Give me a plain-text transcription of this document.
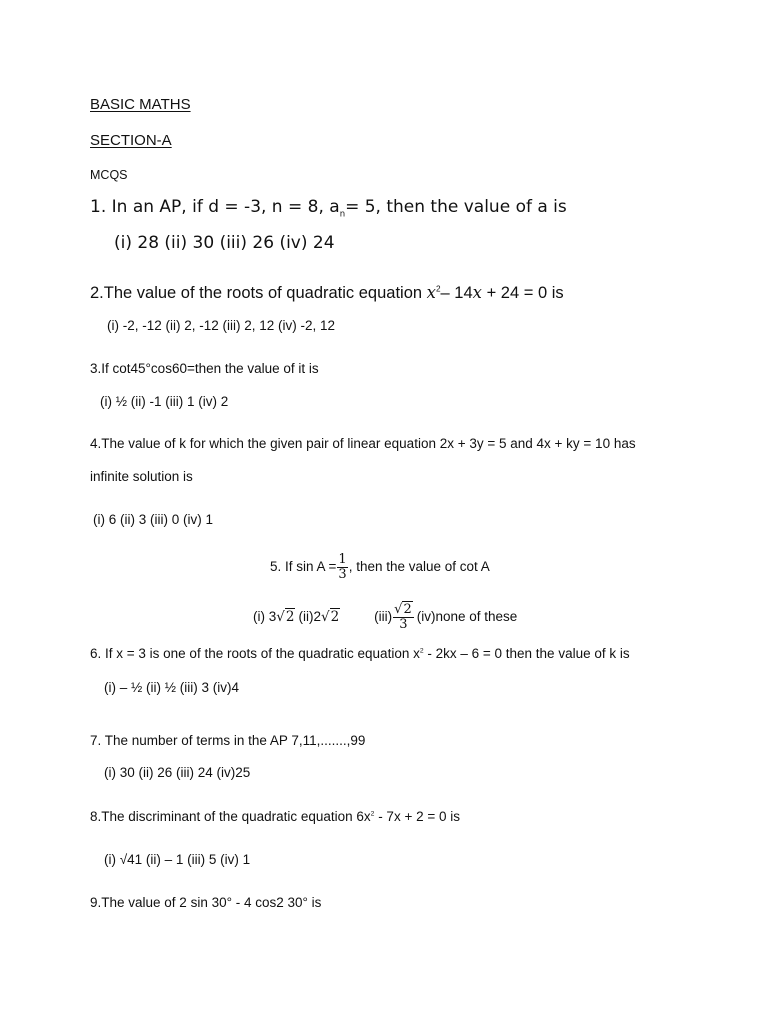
BASIC MATHS
SECTION-A
MCQS
1. In an AP, if d = -3, n = 8, $a_n= 5$, then the value of a is
(i) 28 (ii) 30 (iii) 26 (iv) 24
2.The value of the roots of quadratic equation $x^2-$ 14x + 24 = 0 is
(i) -2, -12 (ii) 2, -12 (iii) 2, 12 (iv) -2, 12
3.If cot45°cos60=then the value of it is
(i) ½ (ii) -1 (iii) 1 (iv) 2
4.The value of k for which the given pair of linear equation 2x + 3y = 5 and 4x + ky = 10 has
infinite solution is
(i) 6 (ii) 3 (iii) 0 (iv) 1
5. If $\sin A = \frac{1}{3}$ , then the value of cot A
(i) 3 √2 (ii)2 √2	$(iii) \frac{√2}{3}$ (iv)none of these
6. If x = 3 is one of the roots of the quadratic equation $x^2 - 2kx - 6 = 0$ then the value of k is
(i) – ½ (ii) ½ (iii) 3 (iv)4
7. The number of terms in the AP 7,11,.......,99
(i) 30 (ii) 26 (iii) 24 (iv)25
8.The discriminant of the quadratic equation $6x^2 - 7x + 2 = 0$ is
(i) √41 (ii) – 1 (iii) 5 (iv) 1
9.The value of 2 sin 30° - 4 cos2 30° is
